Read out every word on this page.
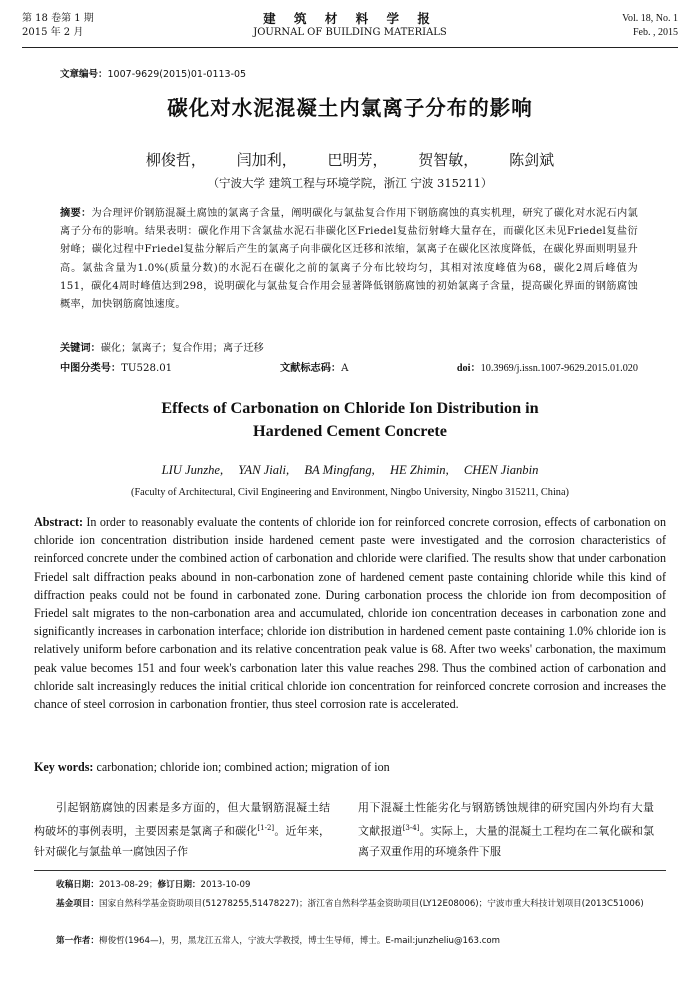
第 18 卷第 1 期
2015 年 2 月
建 筑 材 料 学 报
JOURNAL OF BUILDING MATERIALS
Vol. 18, No. 1
Feb. , 2015
文章编号：1007-9629(2015)01-0113-05
碳化对水泥混凝土内氯离子分布的影响
柳俊哲， 闫加利， 巴明芳， 贺智敏， 陈剑斌
（宁波大学 建筑工程与环境学院，浙江 宁波 315211）
摘要：为合理评价钢筋混凝土腐蚀的氯离子含量，阐明碳化与氯盐复合作用下钢筋腐蚀的真实机理，研究了碳化对水泥石内氯离子分布的影响。结果表明：碳化作用下含氯盐水泥石非碳化区Friedel复盐衍射峰大量存在，而碳化区未见Friedel复盐衍射峰；碳化过程中Friedel复盐分解后产生的氯离子向非碳化区迁移和浓缩，氯离子在碳化区浓度降低，在碳化界面则明显升高。氯盐含量为1.0%(质量分数)的水泥石在碳化之前的氯离子分布比较均匀，其相对浓度峰值为68，碳化2周后峰值为151，碳化4周时峰值达到298，说明碳化与氯盐复合作用会显著降低钢筋腐蚀的初始氯离子含量，提高碳化界面的钢筋腐蚀概率，加快钢筋腐蚀速度。
关键词：碳化；氯离子；复合作用；离子迁移
中图分类号：TU528.01	文献标志码：A	doi：10.3969/j.issn.1007-9629.2015.01.020
Effects of Carbonation on Chloride Ion Distribution in
Hardened Cement Concrete
LIU Junzhe, YAN Jiali, BA Mingfang, HE Zhimin, CHEN Jianbin
(Faculty of Architectural, Civil Engineering and Environment, Ningbo University, Ningbo 315211, China)
Abstract: In order to reasonably evaluate the contents of chloride ion for reinforced concrete corrosion, effects of carbonation on chloride ion concentration distribution inside hardened cement paste were investigated and the corrosion characteristics of reinforced concrete under the combined action of carbonation and chloride were clarified. The results show that under carbonation Friedel salt diffraction peaks abound in non-carbonation zone of hardened cement paste containing chloride while this kind of diffraction peaks could not be found in carbonated zone. During carbonation process the chloride ion from decomposition of Friedel salt migrates to the non-carbonation area and accumulated, chloride ion concentration deceases in carbonation zone and significantly increases in carbonation interface; chloride ion distribution in hardened cement paste containing 1.0% chloride ion is relatively uniform before carbonation and its relative concentration peak value is 68. After two weeks' carbonation, the maximum peak value becomes 151 and four week's carbonation later this value reaches 298. Thus the combined action of carbonation and chloride salt increasingly reduces the initial critical chloride ion concentration for reinforced concrete corrosion and increases the chance of steel corrosion in carbonation frontier, thus steel corrosion rate is accelerated.
Key words: carbonation; chloride ion; combined action; migration of ion
引起钢筋腐蚀的因素是多方面的，但大量钢筋混凝土结构破坏的事例表明，主要因素是氯离子和碳化[1-2]。近年来，针对碳化与氯盐单一腐蚀因子作
用下混凝土性能劣化与钢筋锈蚀规律的研究国内外均有大量文献报道[3-4]。实际上，大量的混凝土工程均在二氧化碳和氯离子双重作用的环境条件下服
收稿日期：2013-08-29；修订日期：2013-10-09
基金项目：国家自然科学基金资助项目(51278255,51478227)；浙江省自然科学基金资助项目(LY12E08006)；宁波市重大科技计划项目(2013C51006)
第一作者：柳俊哲(1964—)，男，黑龙江五常人，宁波大学教授，博士生导师，博士。E-mail:junzheliu@163.com
